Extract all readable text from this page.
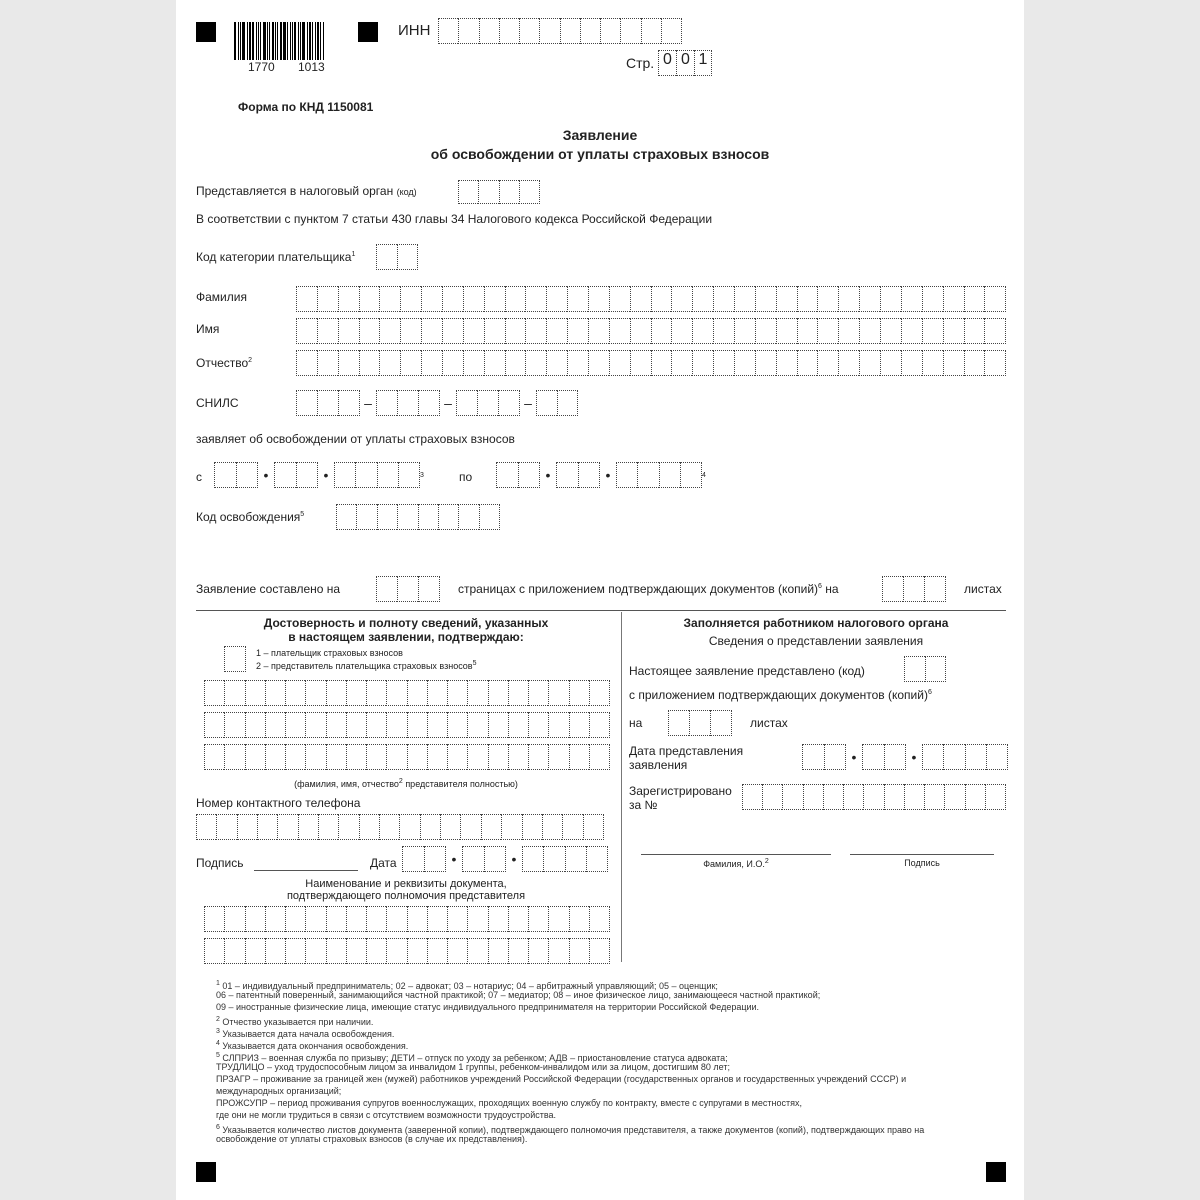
1770 1013
ИНН
Стр. 0 0 1
Форма по КНД 1150081
Заявление
об освобождении от уплаты страховых взносов
Представляется в налоговый орган (код)
В соответствии с пунктом 7 статьи 430 главы 34 Налогового кодекса Российской Федерации
Код категории плательщика$^1$
Фамилия
Имя
Отчество$^2$
СНИЛС	–	–	–
заявляет об освобождении от уплаты страховых взносов
с	•	•	3	по	•	•	4
Код освобождения$^5$
Заявление составлено на	страницах с приложением подтверждающих документов (копий)$^6$ на	листах
Достоверность и полноту сведений, указанных
в настоящем заявлении, подтверждаю:
1 – плательщик страховых взносов
2 – представитель плательщика страховых взносов$^5$
(фамилия, имя, отчество$^2$ представителя полностью)
Номер контактного телефона
Подпись	Дата	•	•
Наименование и реквизиты документа,
подтверждающего полномочия представителя
Заполняется работником налогового органа
Сведения о представлении заявления
Настоящее заявление представлено (код)
с приложением подтверждающих документов (копий)$^6$
на	листах
Дата представления
заявления	•	•
Зарегистрировано
за №
Фамилия, И.О.$^2$	Подпись
$^1$ 01 – индивидуальный предприниматель; 02 – адвокат; 03 – нотариус; 04 – арбитражный управляющий; 05 – оценщик;
06 – патентный поверенный, занимающийся частной практикой; 07 – медиатор; 08 – иное физическое лицо, занимающееся частной практикой;
09 – иностранные физические лица, имеющие статус индивидуального предпринимателя на территории Российской Федерации.
$^2$ Отчество указывается при наличии.
$^3$ Указывается дата начала освобождения.
$^4$ Указывается дата окончания освобождения.
$^5$ СЛПРИЗ – военная служба по призыву; ДЕТИ – отпуск по уходу за ребенком; АДВ – приостановление статуса адвоката;
ТРУДЛИЦО – уход трудоспособным лицом за инвалидом 1 группы, ребенком-инвалидом или за лицом, достигшим 80 лет;
ПРЗАГР – проживание за границей жен (мужей) работников учреждений Российской Федерации (государственных органов и государственных учреждений СССР) и
международных организаций;
ПРОЖСУПР – период проживания супругов военнослужащих, проходящих военную службу по контракту, вместе с супругами в местностях,
где они не могли трудиться в связи с отсутствием возможности трудоустройства.
$^6$ Указывается количество листов документа (заверенной копии), подтверждающего полномочия представителя, а также документов (копий), подтверждающих право на
освобождение от уплаты страховых взносов (в случае их представления).
